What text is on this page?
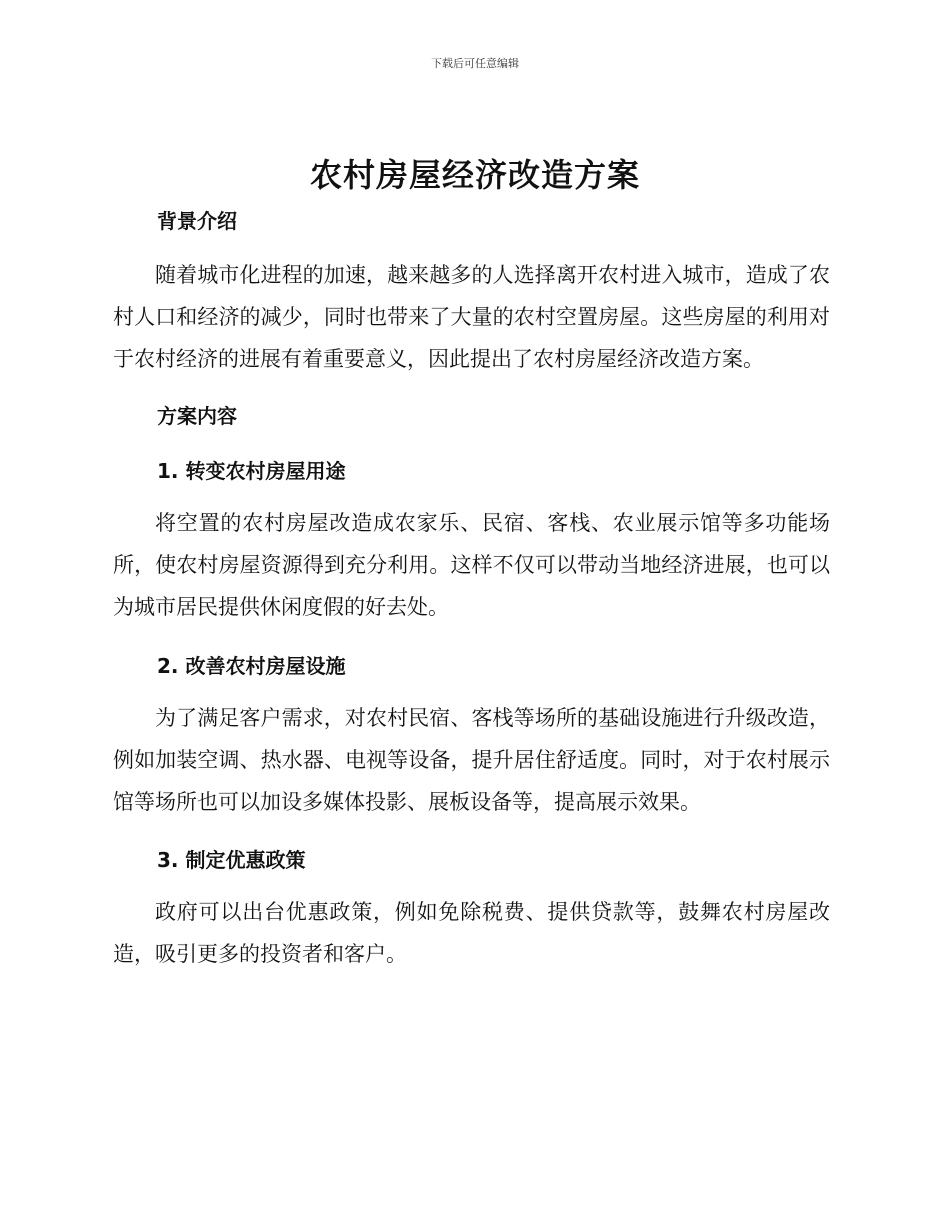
下载后可任意编辑
农村房屋经济改造方案
背景介绍

随着城市化进程的加速，越来越多的人选择离开农村进入城市，造成了农村人口和经济的减少，同时也带来了大量的农村空置房屋。这些房屋的利用对于农村经济的进展有着重要意义，因此提出了农村房屋经济改造方案。

方案内容
1. 转变农村房屋用途

将空置的农村房屋改造成农家乐、民宿、客栈、农业展示馆等多功能场所，使农村房屋资源得到充分利用。这样不仅可以带动当地经济进展，也可以为城市居民提供休闲度假的好去处。

2. 改善农村房屋设施

为了满足客户需求，对农村民宿、客栈等场所的基础设施进行升级改造，例如加装空调、热水器、电视等设备，提升居住舒适度。同时，对于农村展示馆等场所也可以加设多媒体投影、展板设备等，提高展示效果。

3. 制定优惠政策

政府可以出台优惠政策，例如免除税费、提供贷款等，鼓舞农村房屋改造，吸引更多的投资者和客户。
